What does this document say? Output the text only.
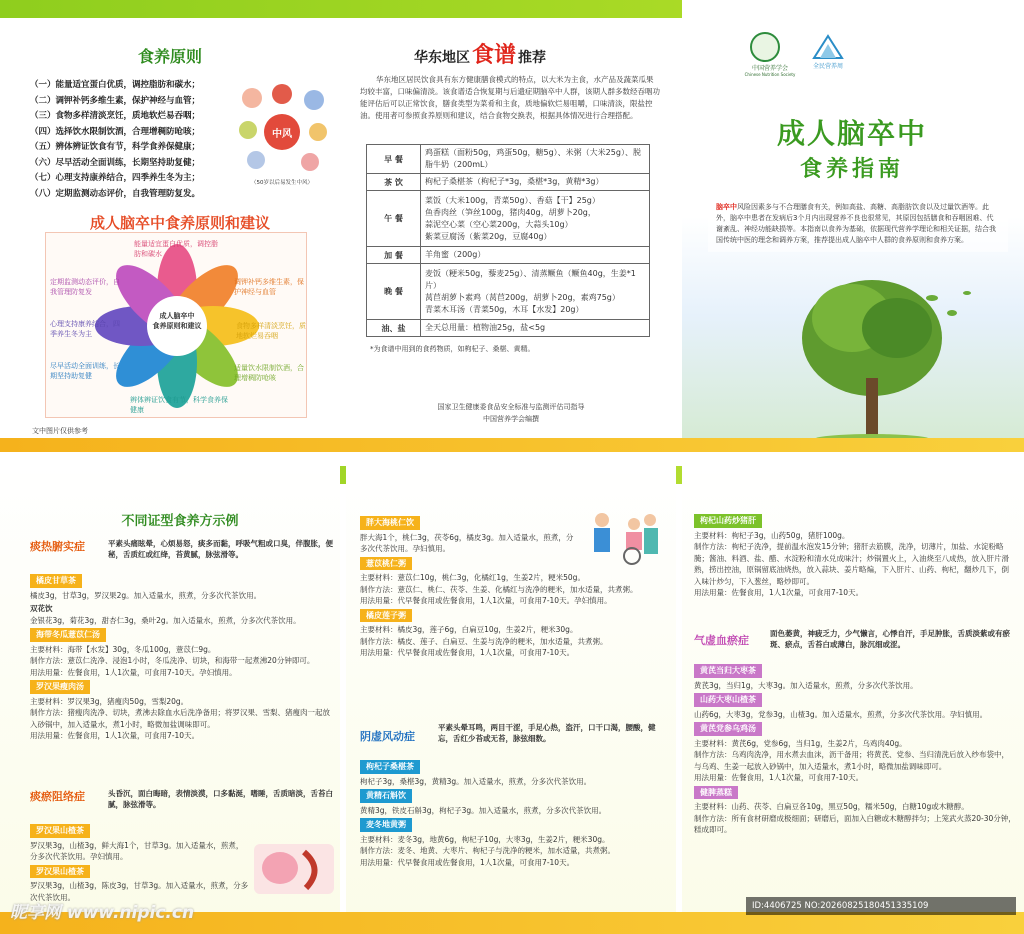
食养原则
（一）能量适宜蛋白优质，调控脂肪和碳水；
（二）调钾补钙多维生素，保护神经与血管；
（三）食物多样清淡烹饪，质地软烂易吞咽；
（四）选择饮水限制饮酒，合理增稠防呛咳；
（五）辨体辨证饮食有节，科学食养保健康；
（六）尽早活动全面训练，长期坚持助复健；
（七）心理支持康养结合，四季养生冬为主；
（八）定期监测动态评价，自我管理防复发。
中风
（50岁以后易发生中风）
成人脑卒中食养原则和建议
成人脑卒中
食养原则和建议
能量适宜蛋白优质，调控脂肪和碳水
调钾补钙多维生素，保护神经与血管
食物多样清淡烹饪，质地软烂易吞咽
适量饮水限制饮酒，合理增稠防呛咳
辨体辨证饮食有节，科学食养保健康
尽早活动全面训练，长期坚持助复健
心理支持康养结合，四季养生冬为主
定期监测动态评价，自我管理防复发
文中图片仅供参考
华东地区食谱 推荐
华东地区居民饮食具有东方健康膳食模式的特点，以大米为主食，水产品及蔬菜瓜果均较丰富，口味偏清淡。该食谱适合恢复期与后遗症期脑卒中人群，该期人群多数经吞咽功能评估后可以正常饮食，膳食类型为菜肴和主食，质地偏软烂易咀嚼，口味清淡，限盐控油。使用者可参照食养原则和建议，结合食物交换表，根据具体情况进行合理搭配。
早 餐	鸡蛋糕（面粉50g，鸡蛋50g，糖5g）、米粥（大米25g）、脱脂牛奶（200mL）
茶 饮	枸杞子桑椹茶（枸杞子*3g，桑椹*3g，黄精*3g）
午 餐	菜饭（大米100g，青菜50g）、香菇【干】25g）
鱼香肉丝（笋丝100g，猪肉40g，胡萝卜20g，
蒜泥空心菜（空心菜200g，大蒜头10g）
紫菜豆腐汤（紫菜20g，豆腐40g）
加 餐	羊角蜜（200g）
晚 餐	麦饭（粳米50g，藜麦25g）、清蒸鳜鱼（鳜鱼40g，生姜*1片）
莴苣胡萝卜素鸡（莴苣200g，胡萝卜20g，素鸡75g）
青菜木耳汤（青菜50g，木耳【水发】20g）
油、盐	全天总用量：植物油25g，盐<5g
*为食谱中用到的食药物质，如枸杞子、桑椹、黄精。
国家卫生健康委食品安全标准与监测评估司指导
中国营养学会编撰
中国营养学会
Chinese Nutrition Society
全民营养周
成人脑卒中
食养指南
脑卒中风险因素多与不合理膳食有关，例如高盐、高糖、高脂肪饮食以及过量饮酒等。此外，脑卒中患者在发病后3个月内出现营养不良也很常见，其原因包括膳食和吞咽困难、代谢紊乱、神经功能缺损等。本指南以食养为基础，依据现代营养学理论和相关证据，结合我国传统中医的理念和调养方案，推荐提出成人脑卒中人群的食养原则和食养方案。
不同证型食养方示例
痰热腑实症	平素头痛眩晕，心烦易怒，痰多而黏，呼吸气粗或口臭，伴腹胀，便秘，舌质红或红绛，苔黄腻，脉弦滑等。
橘皮甘草茶
橘皮3g，甘草3g，罗汉果2g。加入适量水，煎煮，分多次代茶饮用。
双花饮
金银花3g，菊花3g，甜杏仁3g，桑叶2g。加入适量水，煎煮，分多次代茶饮用。
海带冬瓜薏苡仁汤
主要材料：海带【水发】30g，冬瓜100g，薏苡仁9g。
制作方法：薏苡仁洗净、浸泡1小时，冬瓜洗净、切块，和海带一起煮沸20分钟即可。
用法用量：佐餐食用，1人1次量，可食用7-10天。孕妇慎用。
罗汉果瘦肉汤
主要材料：罗汉果3g，猪瘦肉50g，雪梨20g。
制作方法：猪瘦肉洗净、切块，煮沸去除血水后洗净备用；将罗汉果、雪梨、猪瘦肉一起放入砂锅中，加入适量水，煮1小时，略微加盐调味即可。
用法用量：佐餐食用，1人1次量，可食用7-10天。
痰瘀阻络症	头昏沉，面白晦暗，表情淡漠，口多黏涎，嗜睡，舌质暗淡，舌苔白腻，脉弦滑等。
罗汉果山楂茶
罗汉果3g，山楂3g，鲜大海1个，甘草3g。加入适量水，煎煮，分多次代茶饮用。孕妇慎用。
罗汉果山楂茶
罗汉果3g，山楂3g，陈皮3g，甘草3g。加入适量水，煎煮，分多次代茶饮用。
胖大海桃仁饮
胖大海1个，桃仁3g，茯苓6g，橘皮3g。加入适量水，煎煮，分多次代茶饮用。孕妇慎用。
薏苡桃仁粥
主要材料：薏苡仁10g，桃仁3g，化橘红1g，生姜2片，粳米50g。
制作方法：薏苡仁、桃仁、茯苓、生姜、化橘红与洗净的粳米，加水适量，共煮粥。
用法用量：代早餐食用或佐餐食用，1人1次量，可食用7-10天。孕妇慎用。
橘皮莲子粥
主要材料：橘皮3g，莲子6g，白扁豆10g，生姜2片，粳米30g。
制作方法：橘皮、莲子、白扁豆、生姜与洗净的粳米，加水适量，共煮粥。
用法用量：代早餐食用或佐餐食用，1人1次量，可食用7-10天。
阴虚风动症
平素头晕耳鸣，两目干涩，手足心热，盗汗，口干口渴，腰酸，健忘，舌红少苔或无苔，脉弦细数。
枸杞子桑椹茶
枸杞子3g，桑椹3g，黄精3g。加入适量水，煎煮，分多次代茶饮用。
黄精石斛饮
黄精3g，铁皮石斛3g，枸杞子3g。加入适量水，煎煮，分多次代茶饮用。
麦冬地黄粥
主要材料：麦冬3g，地黄6g，枸杞子10g，大枣3g，生姜2片，粳米30g。
制作方法：麦冬、地黄、大枣片、枸杞子与洗净的粳米，加水适量，共煮粥。
用法用量：代早餐食用或佐餐食用，1人1次量，可食用7-10天。
枸杞山药炒猪肝
主要材料：枸杞子3g，山药50g，猪肝100g。
制作方法：枸杞子洗净，提前温水泡发15分钟；猪肝去筋膜，洗净，切薄片，加盐、水淀粉略腌；酱油、料酒、盐、醋、水淀粉和清水兑成味汁；炒锅置火上，入油烧至八成热，放入肝片滑熟，捞出控油，原锅留底油烧热，放入蒜块、姜片略煸，下入肝片、山药、枸杞，翻炒几下，倒入味汁炒匀，下入葱丝，略炒即可。
用法用量：佐餐食用，1人1次量，可食用7-10天。
气虚血瘀症
面色萎黄，神疲乏力，少气懒言，心悸自汗，手足肿胀，舌质淡紫或有瘀斑、瘀点，舌苔白或薄白，脉沉细或涩。
黄芪当归大枣茶
黄芪3g，当归1g，大枣3g。加入适量水，煎煮，分多次代茶饮用。
山药大枣山楂茶
山药6g，大枣3g，党参3g，山楂3g。加入适量水，煎煮，分多次代茶饮用。孕妇慎用。
黄芪党参乌鸡汤
主要材料：黄芪6g，党参6g，当归1g，生姜2片，乌鸡肉40g。
制作方法：乌鸡肉洗净，用水煮去血沫，沥干备用；将黄芪、党参、当归清洗后放入纱布袋中，与乌鸡、生姜一起放入砂锅中，加入适量水，煮1小时，略微加盐调味即可。
用法用量：佐餐食用，1人1次量，可食用7-10天。
健脾蒸糕
主要材料：山药、茯苓、白扁豆各10g，黑豆50g，糯米50g，白糖10g或木糖醇。
制作方法：所有食材研磨成极细面；研磨后，面加入白糖或木糖醇拌匀；上笼武火蒸20-30分钟，糕成即可。
昵享网 www.nipic.cn	ID:4406725 NO:20260825180451335109
